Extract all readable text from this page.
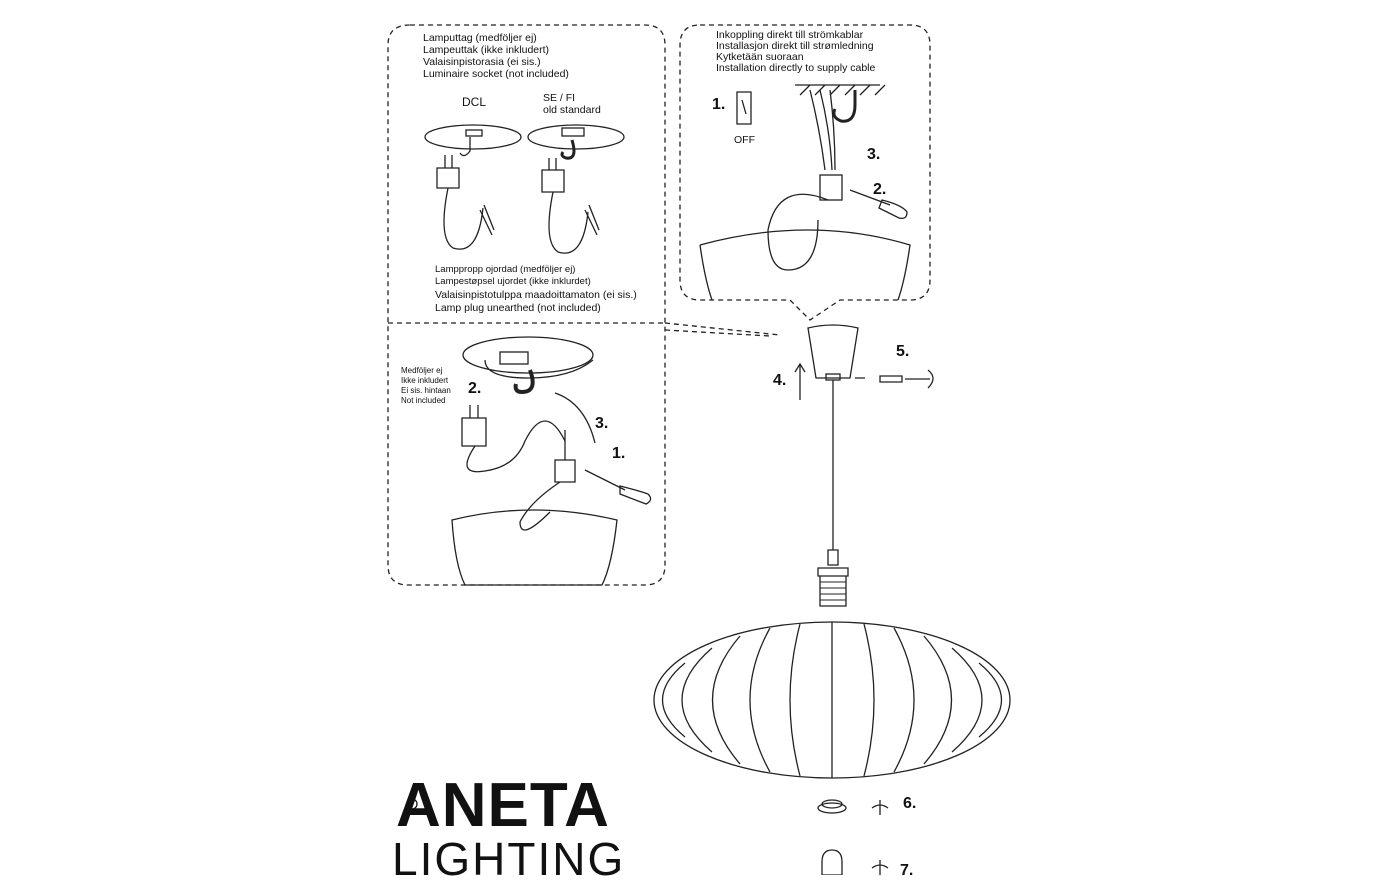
Lamputtag (medföljer ej)
Lampeuttak (ikke inkludert)
Valaisinpistorasia (ei sis.)
Luminaire socket (not included)
DCL	SE / FI
old standard
Lamppropp ojordad (medföljer ej)
Lampestøpsel ujordet (ikke inklurdet)
Valaisinpistotulppa maadoittamaton (ei sis.)
Lamp plug unearthed (not included)
Inkoppling direkt till strömkablar
Installasjon direkt till strømledning
Kytketään suoraan
Installation directly to supply cable
OFF
1.
2.
3.
Medföljer ej
Ikke inkludert
Ei sis. hintaan
Not included
1.
2.
3.
4.
5.
6.
7.
ANETA
LIGHTING
